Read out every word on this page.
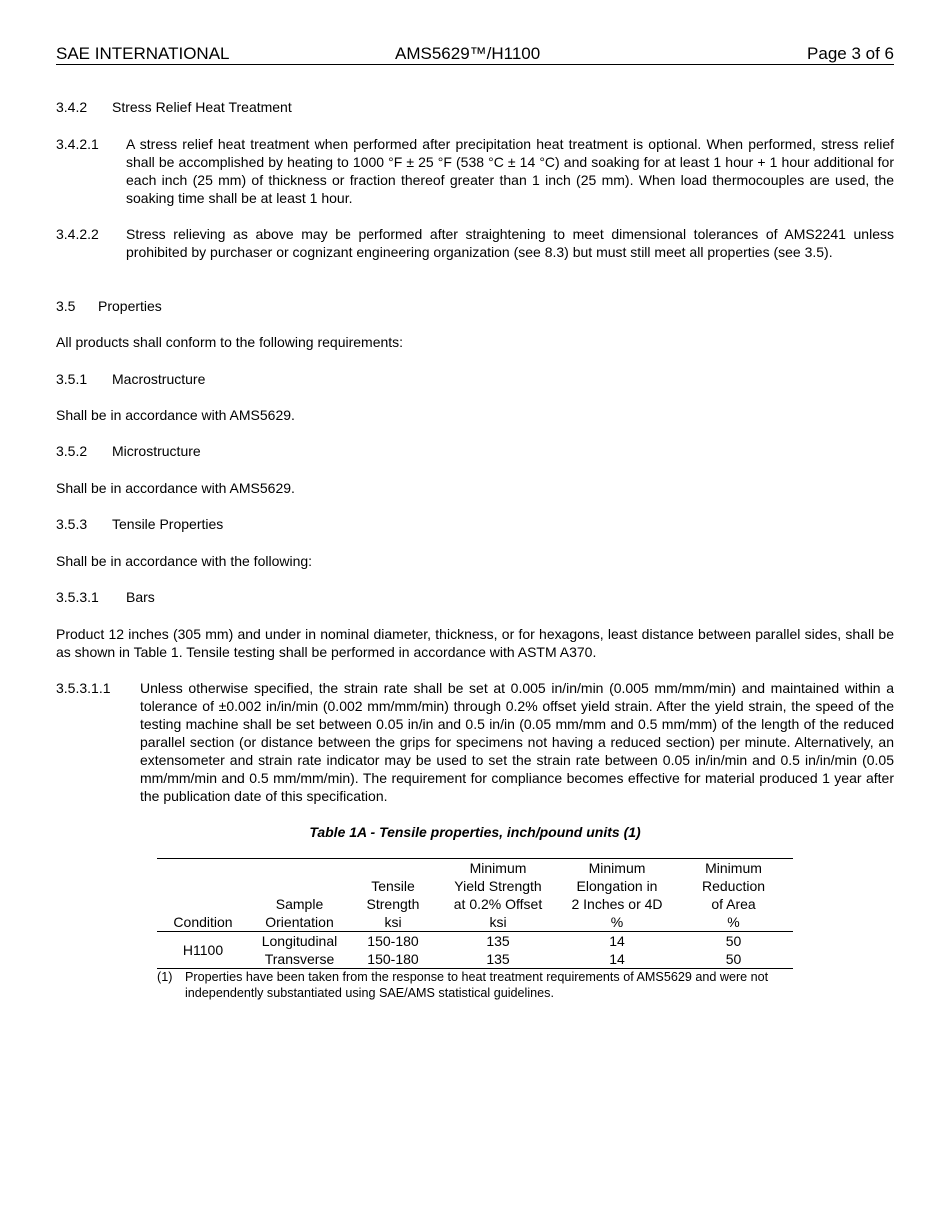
SAE INTERNATIONAL	AMS5629™/H1100	Page 3 of 6
3.4.2 Stress Relief Heat Treatment
3.4.2.1 A stress relief heat treatment when performed after precipitation heat treatment is optional. When performed, stress relief shall be accomplished by heating to 1000 °F ± 25 °F (538 °C ± 14 °C) and soaking for at least 1 hour + 1 hour additional for each inch (25 mm) of thickness or fraction thereof greater than 1 inch (25 mm). When load thermocouples are used, the soaking time shall be at least 1 hour.
3.4.2.2 Stress relieving as above may be performed after straightening to meet dimensional tolerances of AMS2241 unless prohibited by purchaser or cognizant engineering organization (see 8.3) but must still meet all properties (see 3.5).
3.5 Properties
All products shall conform to the following requirements:
3.5.1 Macrostructure
Shall be in accordance with AMS5629.
3.5.2 Microstructure
Shall be in accordance with AMS5629.
3.5.3 Tensile Properties
Shall be in accordance with the following:
3.5.3.1 Bars
Product 12 inches (305 mm) and under in nominal diameter, thickness, or for hexagons, least distance between parallel sides, shall be as shown in Table 1. Tensile testing shall be performed in accordance with ASTM A370.
3.5.3.1.1 Unless otherwise specified, the strain rate shall be set at 0.005 in/in/min (0.005 mm/mm/min) and maintained within a tolerance of ±0.002 in/in/min (0.002 mm/mm/min) through 0.2% offset yield strain. After the yield strain, the speed of the testing machine shall be set between 0.05 in/in and 0.5 in/in (0.05 mm/mm and 0.5 mm/mm) of the length of the reduced parallel section (or distance between the grips for specimens not having a reduced section) per minute. Alternatively, an extensometer and strain rate indicator may be used to set the strain rate between 0.05 in/in/min and 0.5 in/in/min (0.05 mm/mm/min and 0.5 mm/mm/min). The requirement for compliance becomes effective for material produced 1 year after the publication date of this specification.
Table 1A - Tensile properties, inch/pound units (1)
			Minimum	Minimum	Minimum
		Tensile	Yield Strength	Elongation in	Reduction
	Sample	Strength	at 0.2% Offset	2 Inches or 4D	of Area
Condition	Orientation	ksi	ksi	%	%
H1100	Longitudinal	150-180	135	14	50
	Transverse	150-180	135	14	50
(1) Properties have been taken from the response to heat treatment requirements of AMS5629 and were not independently substantiated using SAE/AMS statistical guidelines.
